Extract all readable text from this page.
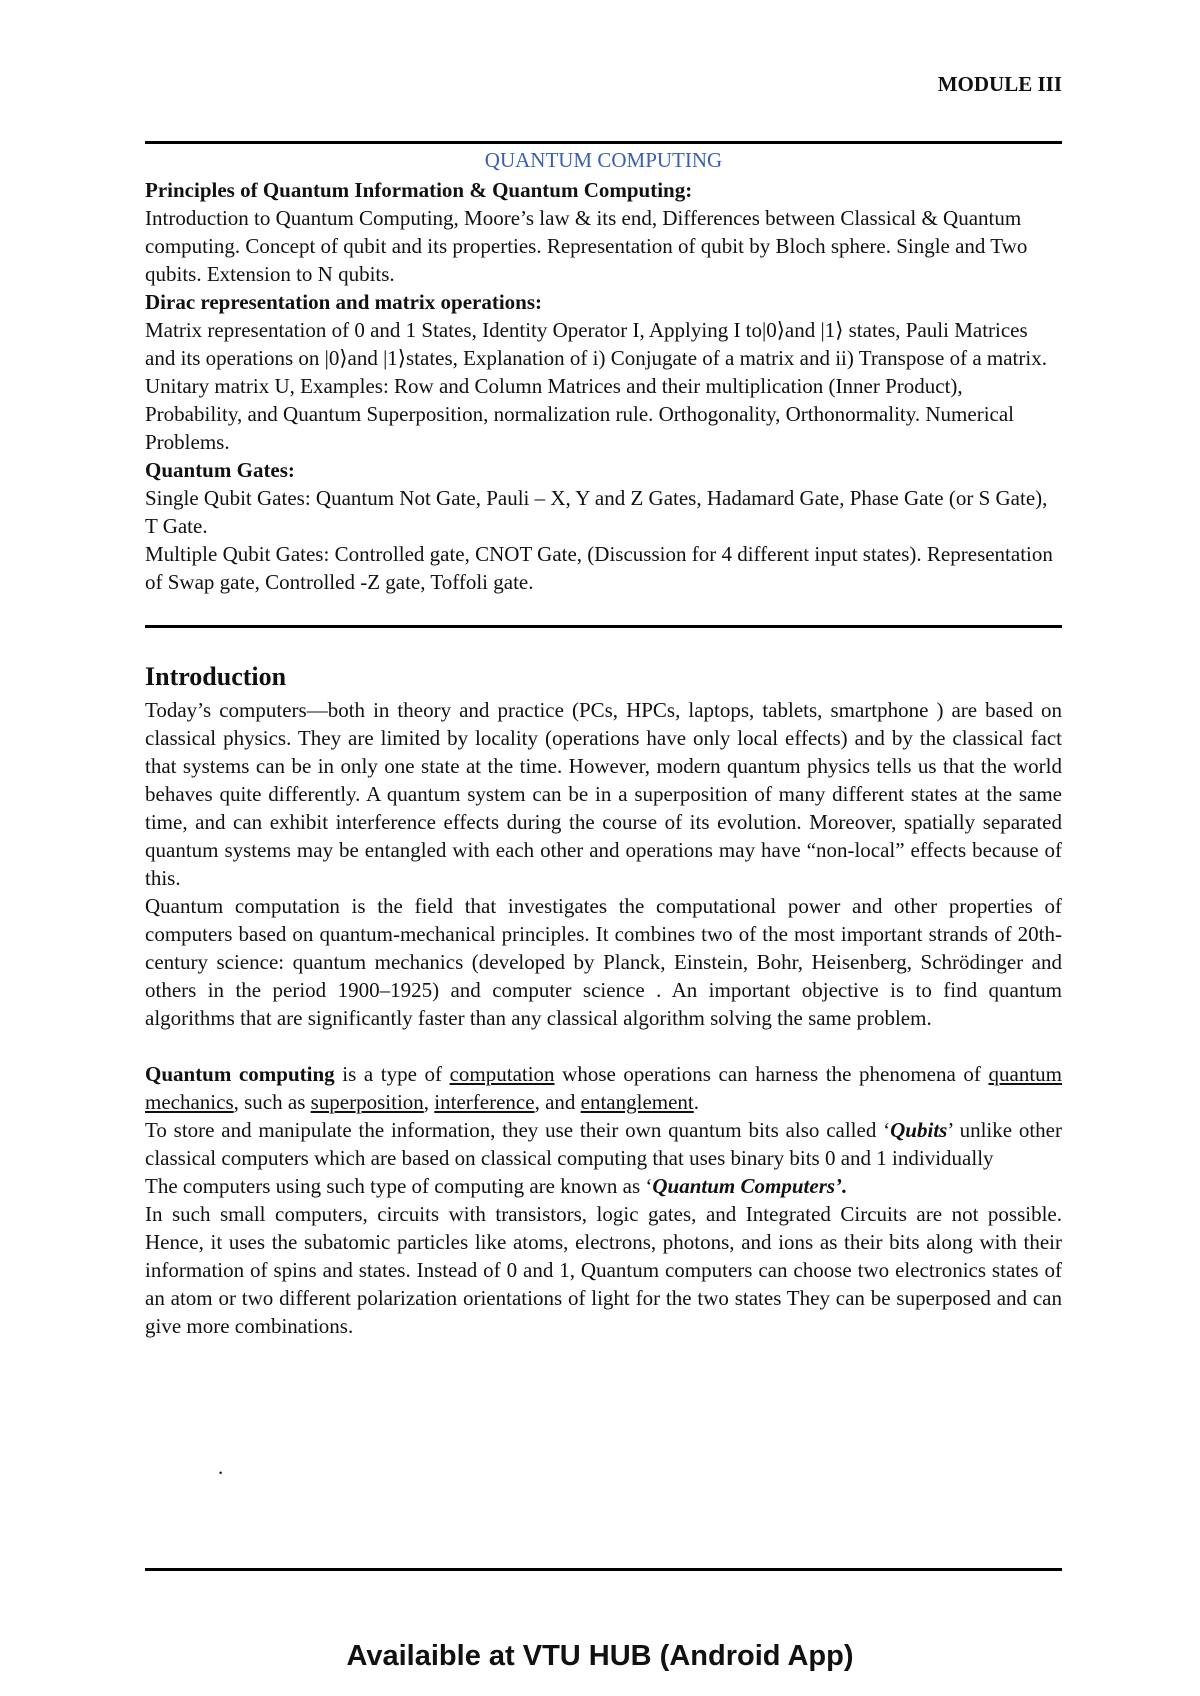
MODULE III
QUANTUM COMPUTING
Principles of Quantum Information & Quantum Computing:

Introduction to Quantum Computing, Moore’s law & its end, Differences between Classical & Quantum computing. Concept of qubit and its properties. Representation of qubit by Bloch sphere. Single and Two qubits. Extension to N qubits.

Dirac representation and matrix operations:

Matrix representation of 0 and 1 States, Identity Operator I, Applying I to|0⟩and |1⟩ states, Pauli Matrices and its operations on |0⟩and |1⟩states, Explanation of i) Conjugate of a matrix and ii) Transpose of a matrix. Unitary matrix U, Examples: Row and Column Matrices and their multiplication (Inner Product), Probability, and Quantum Superposition, normalization rule. Orthogonality, Orthonormality. Numerical Problems.

Quantum Gates:

Single Qubit Gates: Quantum Not Gate, Pauli – X, Y and Z Gates, Hadamard Gate, Phase Gate (or S Gate), T Gate.

Multiple Qubit Gates: Controlled gate, CNOT Gate, (Discussion for 4 different input states). Representation of Swap gate, Controlled -Z gate, Toffoli gate.

Introduction

Today’s computers—both in theory and practice (PCs, HPCs, laptops, tablets, smartphone ) are based on classical physics. They are limited by locality (operations have only local effects) and by the classical fact that systems can be in only one state at the time. However, modern quantum physics tells us that the world behaves quite differently. A quantum system can be in a superposition of many different states at the same time, and can exhibit interference effects during the course of its evolution. Moreover, spatially separated quantum systems may be entangled with each other and operations may have “non-local” effects because of this.

Quantum computation is the field that investigates the computational power and other properties of computers based on quantum-mechanical principles. It combines two of the most important strands of 20th-century science: quantum mechanics (developed by Planck, Einstein, Bohr, Heisenberg, Schrödinger and others in the period 1900–1925) and computer science . An important objective is to find quantum algorithms that are significantly faster than any classical algorithm solving the same problem.

Quantum computing is a type of computation whose operations can harness the phenomena of quantum mechanics, such as superposition, interference, and entanglement.

To store and manipulate the information, they use their own quantum bits also called ‘Qubits’ unlike other classical computers which are based on classical computing that uses binary bits 0 and 1 individually

The computers using such type of computing are known as ‘Quantum Computers’.

In such small computers, circuits with transistors, logic gates, and Integrated Circuits are not possible. Hence, it uses the subatomic particles like atoms, electrons, photons, and ions as their bits along with their information of spins and states. Instead of 0 and 1, Quantum computers can choose two electronics states of an atom or two different polarization orientations of light for the two states They can be superposed and can give more combinations.

.
Availaible at VTU HUB (Android App)
